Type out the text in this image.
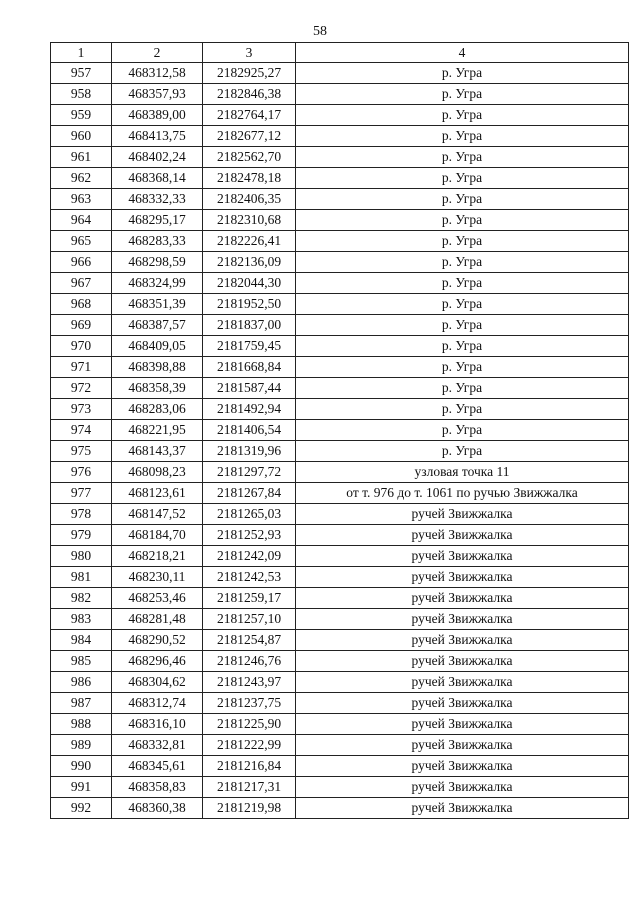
58
1	2	3	4
957	468312,58	2182925,27	р. Угра
958	468357,93	2182846,38	р. Угра
959	468389,00	2182764,17	р. Угра
960	468413,75	2182677,12	р. Угра
961	468402,24	2182562,70	р. Угра
962	468368,14	2182478,18	р. Угра
963	468332,33	2182406,35	р. Угра
964	468295,17	2182310,68	р. Угра
965	468283,33	2182226,41	р. Угра
966	468298,59	2182136,09	р. Угра
967	468324,99	2182044,30	р. Угра
968	468351,39	2181952,50	р. Угра
969	468387,57	2181837,00	р. Угра
970	468409,05	2181759,45	р. Угра
971	468398,88	2181668,84	р. Угра
972	468358,39	2181587,44	р. Угра
973	468283,06	2181492,94	р. Угра
974	468221,95	2181406,54	р. Угра
975	468143,37	2181319,96	р. Угра
976	468098,23	2181297,72	узловая точка 11
977	468123,61	2181267,84	от т. 976 до т. 1061 по ручью Звижжалка
978	468147,52	2181265,03	ручей Звижжалка
979	468184,70	2181252,93	ручей Звижжалка
980	468218,21	2181242,09	ручей Звижжалка
981	468230,11	2181242,53	ручей Звижжалка
982	468253,46	2181259,17	ручей Звижжалка
983	468281,48	2181257,10	ручей Звижжалка
984	468290,52	2181254,87	ручей Звижжалка
985	468296,46	2181246,76	ручей Звижжалка
986	468304,62	2181243,97	ручей Звижжалка
987	468312,74	2181237,75	ручей Звижжалка
988	468316,10	2181225,90	ручей Звижжалка
989	468332,81	2181222,99	ручей Звижжалка
990	468345,61	2181216,84	ручей Звижжалка
991	468358,83	2181217,31	ручей Звижжалка
992	468360,38	2181219,98	ручей Звижжалка
